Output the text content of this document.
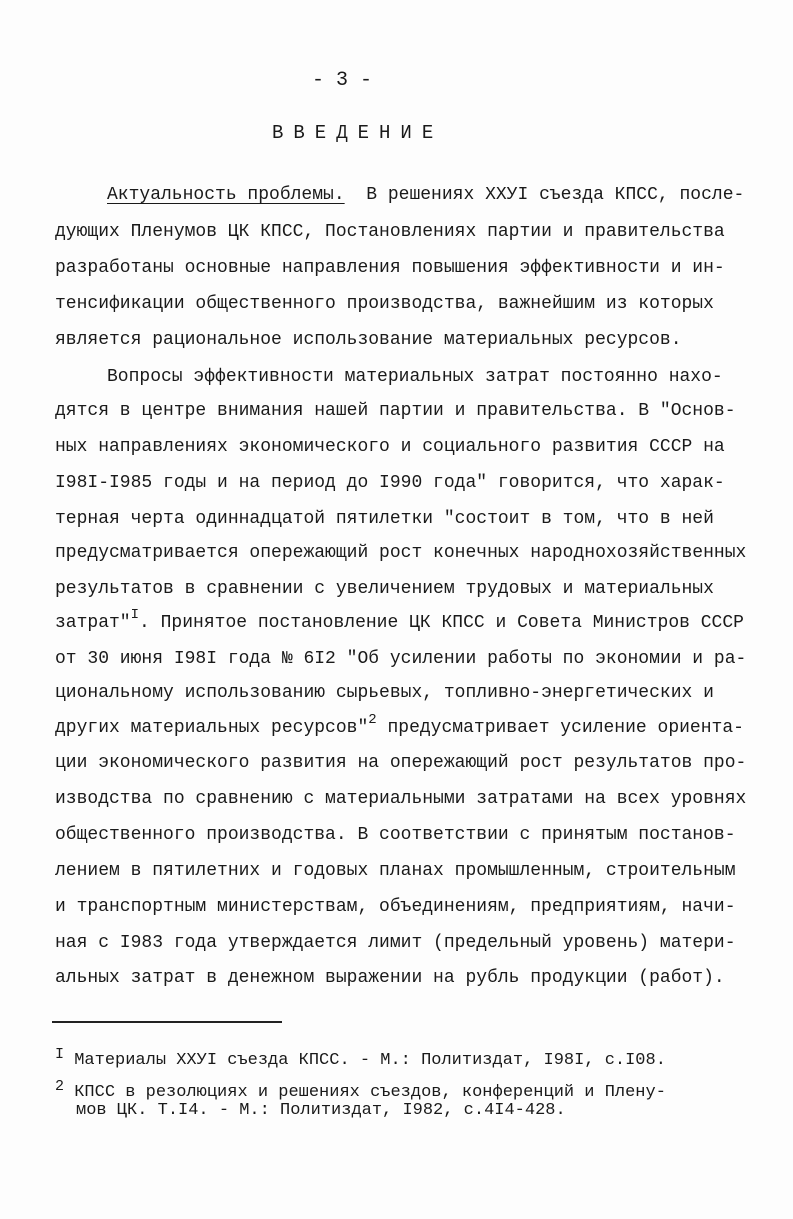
- 3 -
ВВЕДЕНИЕ
Актуальность проблемы.  В решениях XXУI съезда КПСС, после-
дующих Пленумов ЦК КПСС, Постановлениях партии и правительства
разработаны основные направления повышения эффективности и ин-
тенсификации общественного производства, важнейшим из которых
является рациональное использование материальных ресурсов.
Вопросы эффективности материальных затрат постоянно нахо-
дятся в центре внимания нашей партии и правительства. В "Основ-
ных направлениях экономического и социального развития СССР на
I98I-I985 годы и на период до I990 года" говорится, что харак-
терная черта одиннадцатой пятилетки "состоит в том, что в ней
предусматривается опережающий рост конечных народнохозяйственных
результатов в сравнении с увеличением трудовых и материальных
затрат"$^I$. Принятое постановление ЦК КПСС и Совета Министров СССР
от 30 июня I98I года № 6I2 "Об усилении работы по экономии и ра-
циональному использованию сырьевых, топливно-энергетических и
других материальных ресурсов"$^2$ предусматривает усиление ориента-
ции экономического развития на опережающий рост результатов про-
изводства по сравнению с материальными затратами на всех уровнях
общественного производства. В соответствии с принятым постанов-
лением в пятилетних и годовых планах промышленным, строительным
и транспортным министерствам, объединениям, предприятиям, начи-
ная с I983 года утверждается лимит (предельный уровень) матери-
альных затрат в денежном выражении на рубль продукции (работ).
I Материалы XXУI съезда КПСС. - М.: Политиздат, I98I, с.I08.
2 КПСС в резолюциях и решениях съездов, конференций и Плену-
мов ЦК. Т.I4. - М.: Политиздат, I982, с.4I4-428.
